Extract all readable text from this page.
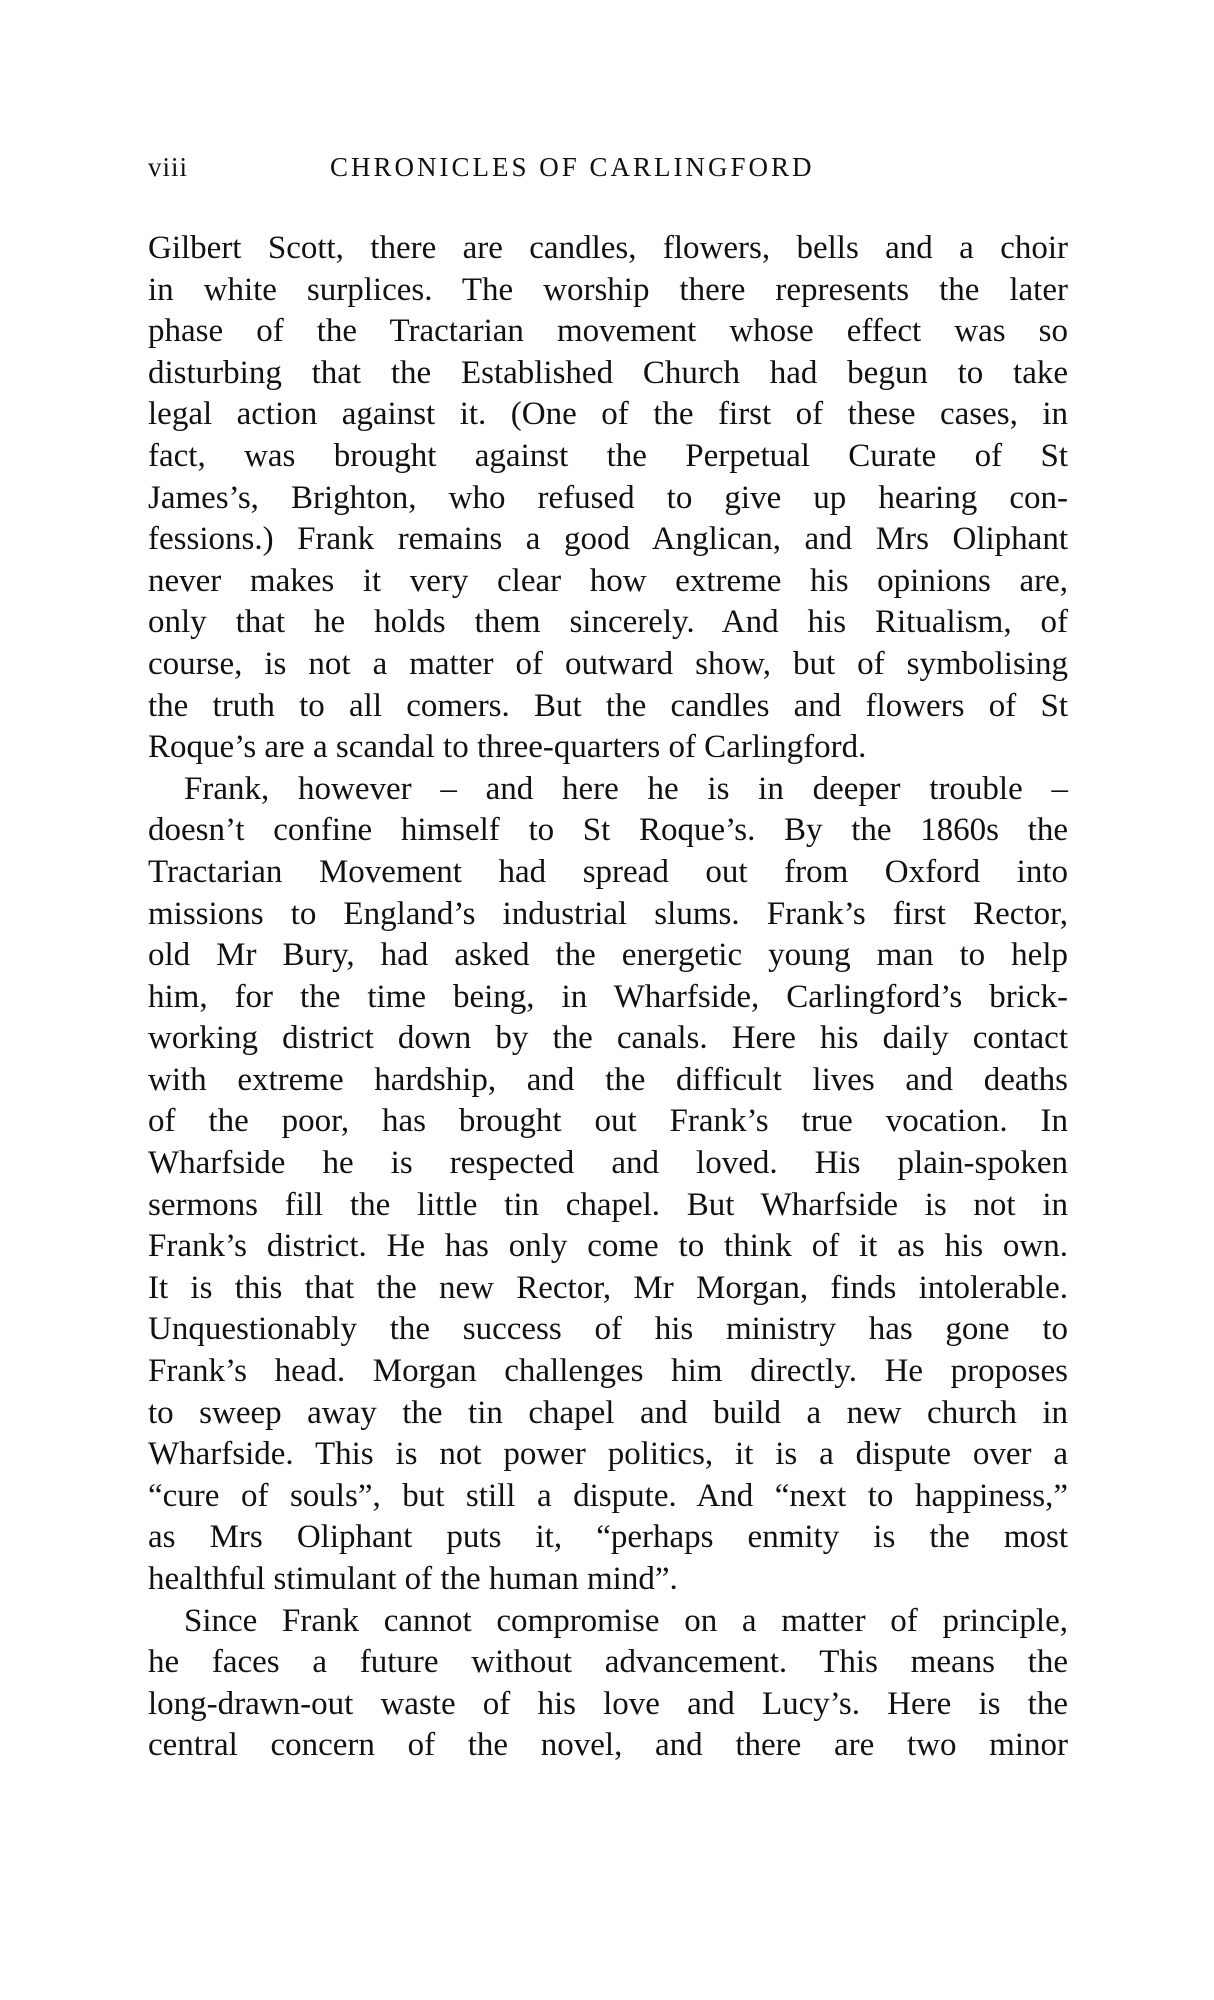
viii	CHRONICLES OF CARLINGFORD
Gilbert Scott, there are candles, flowers, bells and a choir
in white surplices. The worship there represents the later
phase of the Tractarian movement whose effect was so
disturbing that the Established Church had begun to take
legal action against it. (One of the first of these cases, in
fact, was brought against the Perpetual Curate of St
James’s, Brighton, who refused to give up hearing con-
fessions.) Frank remains a good Anglican, and Mrs Oliphant
never makes it very clear how extreme his opinions are,
only that he holds them sincerely. And his Ritualism, of
course, is not a matter of outward show, but of symbolising
the truth to all comers. But the candles and flowers of St
Roque’s are a scandal to three-quarters of Carlingford.
Frank, however – and here he is in deeper trouble –
doesn’t confine himself to St Roque’s. By the 1860s the
Tractarian Movement had spread out from Oxford into
missions to England’s industrial slums. Frank’s first Rector,
old Mr Bury, had asked the energetic young man to help
him, for the time being, in Wharfside, Carlingford’s brick-
working district down by the canals. Here his daily contact
with extreme hardship, and the difficult lives and deaths
of the poor, has brought out Frank’s true vocation. In
Wharfside he is respected and loved. His plain-spoken
sermons fill the little tin chapel. But Wharfside is not in
Frank’s district. He has only come to think of it as his own.
It is this that the new Rector, Mr Morgan, finds intolerable.
Unquestionably the success of his ministry has gone to
Frank’s head. Morgan challenges him directly. He proposes
to sweep away the tin chapel and build a new church in
Wharfside. This is not power politics, it is a dispute over a
“cure of souls”, but still a dispute. And “next to happiness,”
as Mrs Oliphant puts it, “perhaps enmity is the most
healthful stimulant of the human mind”.
Since Frank cannot compromise on a matter of principle,
he faces a future without advancement. This means the
long-drawn-out waste of his love and Lucy’s. Here is the
central concern of the novel, and there are two minor
